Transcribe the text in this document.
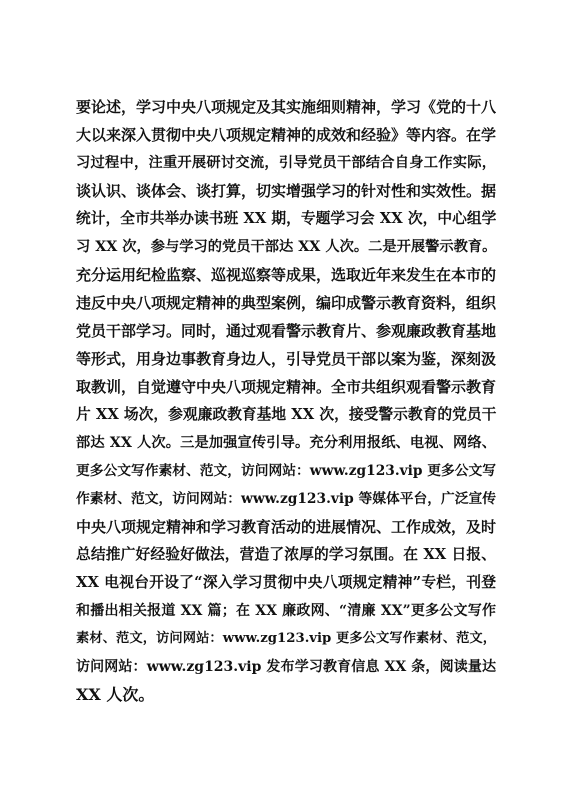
要论述，学习中央八项规定及其实施细则精神，学习《党的十八
大以来深入贯彻中央八项规定精神的成效和经验》等内容。在学
习过程中，注重开展研讨交流，引导党员干部结合自身工作实际，
谈认识、谈体会、谈打算，切实增强学习的针对性和实效性。据
统计，全市共举办读书班 XX 期，专题学习会 XX 次，中心组学
习 XX 次，参与学习的党员干部达 XX 人次。二是开展警示教育。
充分运用纪检监察、巡视巡察等成果，选取近年来发生在本市的
违反中央八项规定精神的典型案例，编印成警示教育资料，组织
党员干部学习。同时，通过观看警示教育片、参观廉政教育基地
等形式，用身边事教育身边人，引导党员干部以案为鉴，深刻汲
取教训，自觉遵守中央八项规定精神。全市共组织观看警示教育
片 XX 场次，参观廉政教育基地 XX 次，接受警示教育的党员干
部达 XX 人次。三是加强宣传引导。充分利用报纸、电视、网络、
更多公文写作素材、范文，访问网站：www.zg123.vip 更多公文写
作素材、范文，访问网站：www.zg123.vip 等媒体平台，广泛宣传
中央八项规定精神和学习教育活动的进展情况、工作成效，及时
总结推广好经验好做法，营造了浓厚的学习氛围。在 XX 日报、
XX 电视台开设了“深入学习贯彻中央八项规定精神”专栏，刊登
和播出相关报道 XX 篇；在 XX 廉政网、“清廉 XX”更多公文写作
素材、范文，访问网站：www.zg123.vip 更多公文写作素材、范文，
访问网站：www.zg123.vip 发布学习教育信息 XX 条，阅读量达
XX 人次。
